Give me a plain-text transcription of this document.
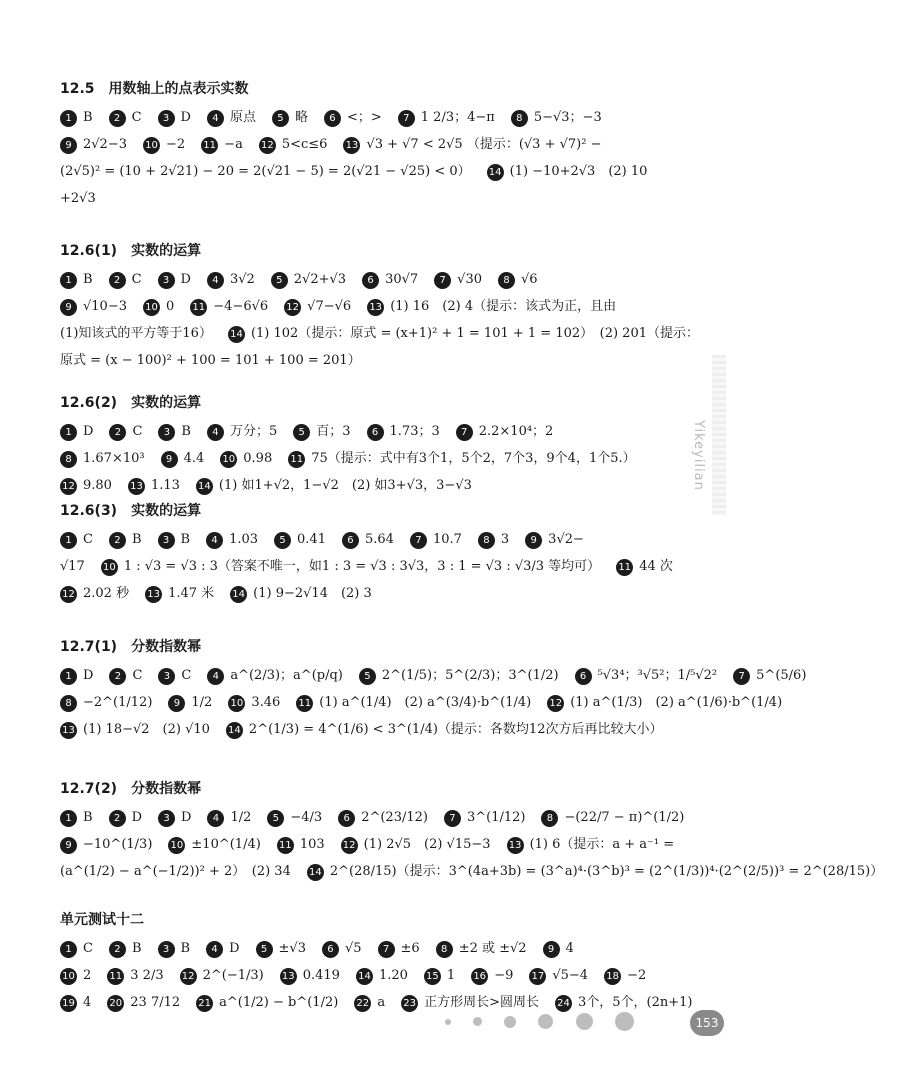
12.5　用数轴上的点表示实数
1 B 2 C 3 D 4 原点 5 略 6 <；> 7 1 2/3；4−π 8 5−√3；−3
9 2√2−3 10 −2 11 −a 12 5<c≤6 13 √3 + √7 < 2√5 （提示：(√3 + √7)² −
(2√5)² = (10 + 2√21) − 20 = 2(√21 − 5) = 2(√21 − √25) < 0） 14 (1) −10+2√3　(2) 10
+2√3
12.6(1)　实数的运算
1 B 2 C 3 D 4 3√2 5 2√2+√3 6 30√7 7 √30 8 √6
9 √10−3 10 0 11 −4−6√6 12 √7−√6 13 (1) 16　(2) 4（提示：该式为正，且由
(1)知该式的平方等于16） 14 (1) 102（提示：原式 = (x+1)² + 1 = 101 + 1 = 102）　(2) 201（提示：
原式 = (x − 100)² + 100 = 101 + 100 = 201）
12.6(2)　实数的运算
1 D 2 C 3 B 4 万分；5 5 百；3 6 1.73；3 7 2.2×10⁴；2
8 1.67×10³ 9 4.4 10 0.98 11 75（提示：式中有3个1，5个2，7个3，9个4，1个5.）
12 9.80 13 1.13 14 (1) 如1+√2，1−√2　(2) 如3+√3，3−√3
12.6(3)　实数的运算
1 C 2 B 3 B 4 1.03 5 0.41 6 5.64 7 10.7 8 3 9 3√2−
√17 10 1 : √3 = √3 : 3（答案不唯一，如1 : 3 = √3 : 3√3，3 : 1 = √3 : √3/3 等均可） 11 44 次
12 2.02 秒 13 1.47 米 14 (1) 9−2√14　(2) 3
12.7(1)　分数指数幂
1 D 2 C 3 C 4 a^(2/3)；a^(p/q) 5 2^(1/5)；5^(2/3)；3^(1/2) 6 ⁵√3⁴；³√5²；1/⁵√2² 7 5^(5/6)
8 −2^(1/12) 9 1/2 10 3.46 11 (1) a^(1/4)　(2) a^(3/4)·b^(1/4) 12 (1) a^(1/3)　(2) a^(1/6)·b^(1/4)
13 (1) 18−√2　(2) √10 14 2^(1/3) = 4^(1/6) < 3^(1/4)（提示：各数均12次方后再比较大小）
12.7(2)　分数指数幂
1 B 2 D 3 D 4 1/2 5 −4/3 6 2^(23/12) 7 3^(1/12) 8 −(22/7 − π)^(1/2)
9 −10^(1/3) 10 ±10^(1/4) 11 103 12 (1) 2√5　(2) √15−3 13 (1) 6（提示：a + a⁻¹ =
(a^(1/2) − a^(−1/2))² + 2）　(2) 34 14 2^(28/15)（提示：3^(4a+3b) = (3^a)⁴·(3^b)³ = (2^(1/3))⁴·(2^(2/5))³ = 2^(28/15)）
单元测试十二
1 C 2 B 3 B 4 D 5 ±√3 6 √5 7 ±6 8 ±2 或 ±√2 9 4
10 2 11 3 2/3 12 2^(−1/3) 13 0.419 14 1.20 15 1 16 −9 17 √5−4 18 −2
19 4 20 23 7/12 21 a^(1/2) − b^(1/2) 22 a 23 正方形周长>圆周长 24 3个，5个，(2n+1)
Yikeyilian

153
